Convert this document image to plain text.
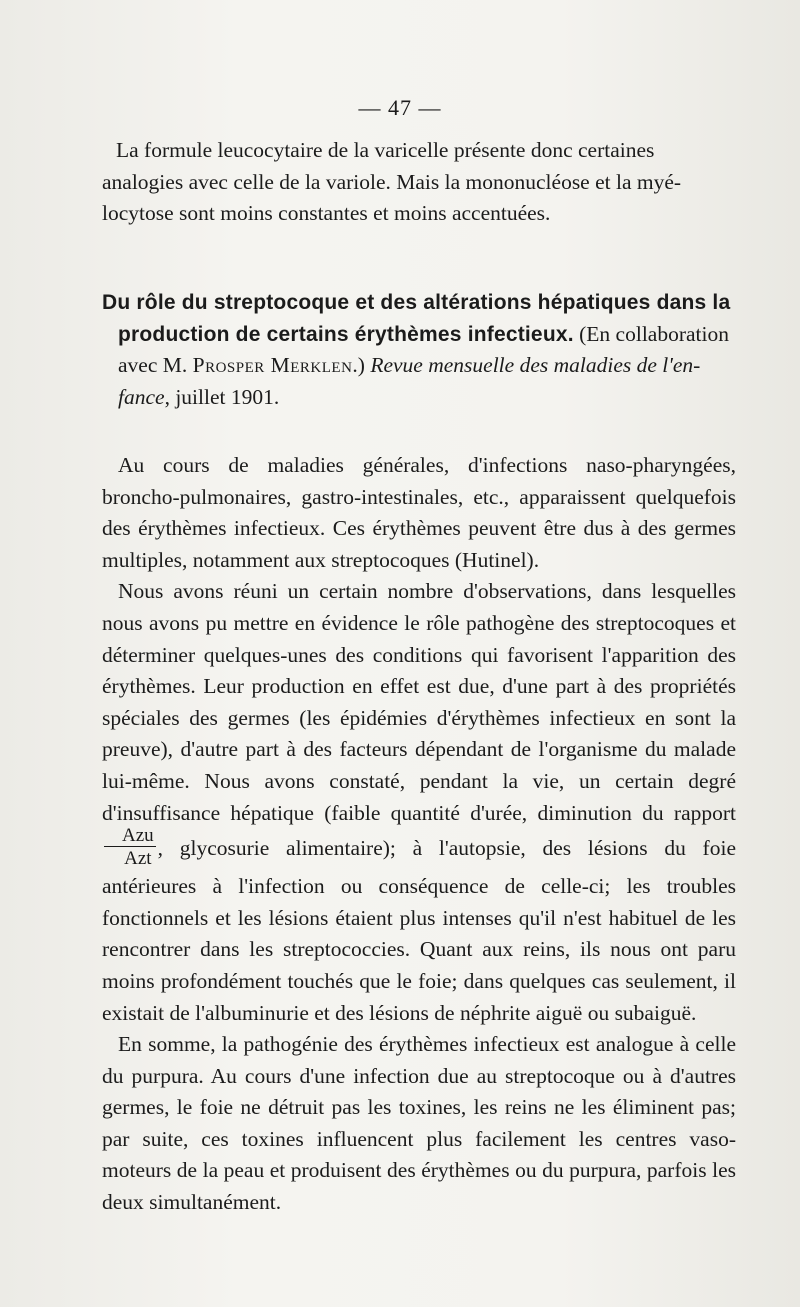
— 47 —
La formule leucocytaire de la varicelle présente donc certaines
analogies avec celle de la variole. Mais la mononucléose et la myé-
locytose sont moins constantes et moins accentuées.
Du rôle du streptocoque et des altérations hépatiques dans la
production de certains érythèmes infectieux. (En collaboration
avec M. Prosper Merklen.) Revue mensuelle des maladies de l'en-
fance, juillet 1901.

Au cours de maladies générales, d'infections naso-pharyngées, broncho-pulmonaires, gastro-intestinales, etc., apparaissent quelquefois des érythèmes infectieux. Ces érythèmes peuvent être dus à des germes multiples, notamment aux streptocoques (Hutinel).

Nous avons réuni un certain nombre d'observations, dans lesquelles nous avons pu mettre en évidence le rôle pathogène des streptocoques et déterminer quelques-unes des conditions qui favorisent l'apparition des érythèmes. Leur production en effet est due, d'une part à des propriétés spéciales des germes (les épidémies d'érythèmes infectieux en sont la preuve), d'autre part à des facteurs dépendant de l'organisme du malade lui-même. Nous avons constaté, pendant la vie, un certain degré d'insuffisance hépatique (faible quantité d'urée, diminution du rapport
$\frac{\text{Azu}}{\text{Azt}}$ , glycosurie alimentaire); à l'autopsie, des lésions du foie antérieures à l'infection ou conséquence de celle-ci; les troubles fonctionnels et les lésions étaient plus intenses qu'il n'est habituel de les rencontrer dans les streptococcies. Quant aux reins, ils nous ont paru moins profondément touchés que le foie; dans quelques cas seulement, il existait de l'albuminurie et des lésions de néphrite aiguë ou subaiguë.

En somme, la pathogénie des érythèmes infectieux est analogue à celle du purpura. Au cours d'une infection due au streptocoque ou à d'autres germes, le foie ne détruit pas les toxines, les reins ne les éliminent pas; par suite, ces toxines influencent plus facilement les centres vaso-moteurs de la peau et produisent des érythèmes ou du purpura, parfois les deux simultanément.
